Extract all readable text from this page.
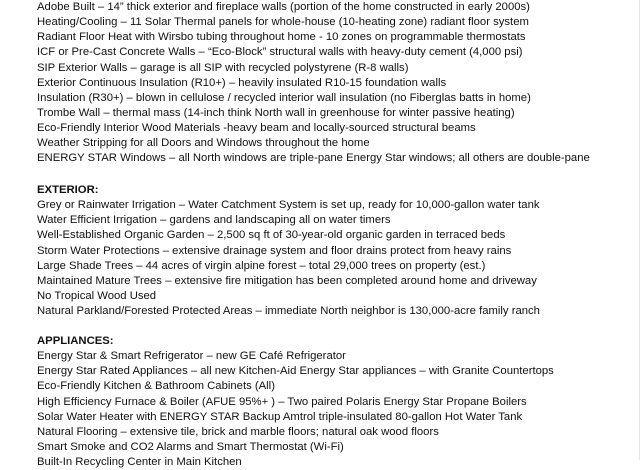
Adobe Built – 14” thick exterior and fireplace walls (portion of the home constructed in early 2000s)
Heating/Cooling – 11 Solar Thermal panels for whole-house (10-heating zone) radiant floor system
Radiant Floor Heat with Wirsbo tubing throughout home - 10 zones on programmable thermostats
ICF or Pre-Cast Concrete Walls – “Eco-Block” structural walls with heavy-duty cement (4,000 psi)
SIP Exterior Walls – garage is all SIP with recycled polystyrene (R-8 walls)
Exterior Continuous Insulation (R10+) – heavily insulated R10-15 foundation walls
Insulation (R30+) – blown in cellulose / recycled interior wall insulation (no Fiberglas batts in home)
Trombe Wall – thermal mass (14-inch think North wall in greenhouse for winter passive heating)
Eco-Friendly Interior Wood Materials -heavy beam and locally-sourced structural beams
Weather Stripping for all Doors and Windows throughout the home
ENERGY STAR Windows – all North windows are triple-pane Energy Star windows; all others are double-pane
EXTERIOR:
Grey or Rainwater Irrigation – Water Catchment System is set up, ready for 10,000-gallon water tank
Water Efficient Irrigation – gardens and landscaping all on water timers
Well-Established Organic Garden – 2,500 sq ft of 30-year-old organic garden in terraced beds
Storm Water Protections – extensive drainage system and floor drains protect from heavy rains
Large Shade Trees – 44 acres of virgin alpine forest – total 29,000 trees on property (est.)
Maintained Mature Trees – extensive fire mitigation has been completed around home and driveway
No Tropical Wood Used
Natural Parkland/Forested Protected Areas – immediate North neighbor is 130,000-acre family ranch
APPLIANCES:
Energy Star & Smart Refrigerator – new GE Café Refrigerator
Energy Star Rated Appliances – all new Kitchen-Aid Energy Star appliances – with Granite Countertops
Eco-Friendly Kitchen & Bathroom Cabinets (All)
High Efficiency Furnace & Boiler (AFUE 95%+ ) – Two paired Polaris Energy Star Propane Boilers
Solar Water Heater with ENERGY STAR Backup Amtrol triple-insulated 80-gallon Hot Water Tank
Natural Flooring – extensive tile, brick and marble floors; natural oak wood floors
Smart Smoke and CO2 Alarms and Smart Thermostat (Wi-Fi)
Built-In Recycling Center in Main Kitchen
